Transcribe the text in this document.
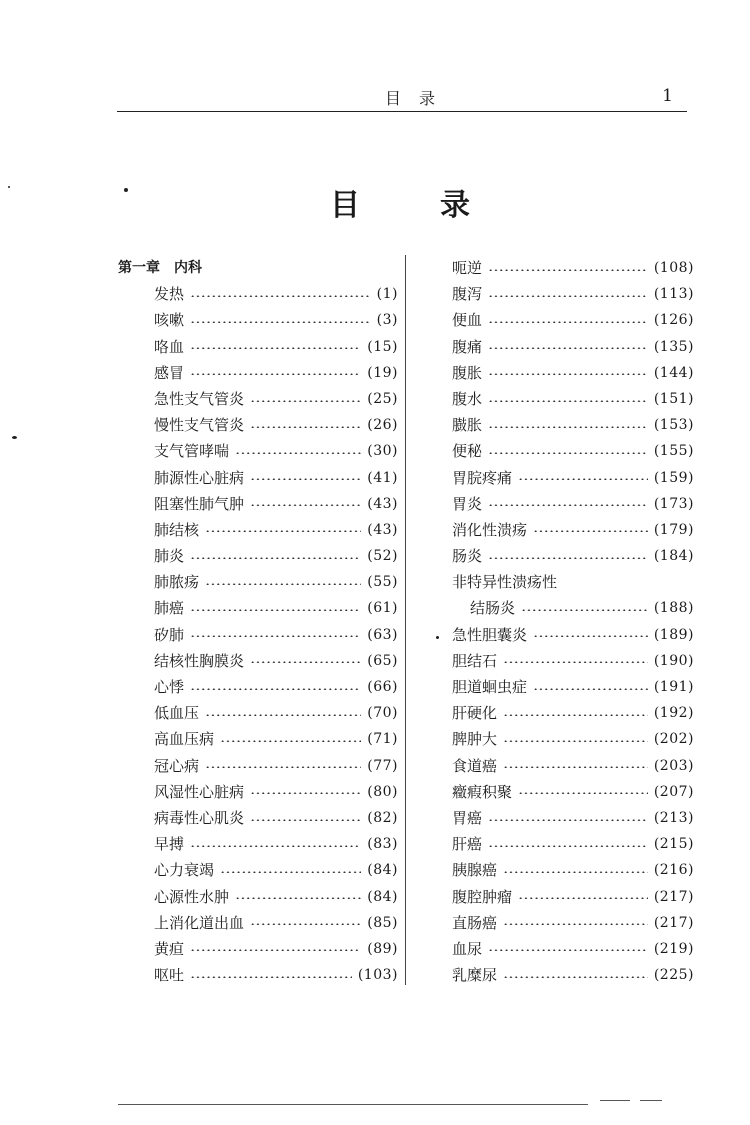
目录	1
目录
第一章　内科
发热	(1)
咳嗽	(3)
咯血	(15)
感冒	(19)
急性支气管炎	(25)
慢性支气管炎	(26)
支气管哮喘	(30)
肺源性心脏病	(41)
阻塞性肺气肿	(43)
肺结核	(43)
肺炎	(52)
肺脓疡	(55)
肺癌	(61)
矽肺	(63)
结核性胸膜炎	(65)
心悸	(66)
低血压	(70)
高血压病	(71)
冠心病	(77)
风湿性心脏病	(80)
病毒性心肌炎	(82)
早搏	(83)
心力衰竭	(84)
心源性水肿	(84)
上消化道出血	(85)
黄疸	(89)
呕吐	(103)
呃逆	(108)
腹泻	(113)
便血	(126)
腹痛	(135)
腹胀	(144)
腹水	(151)
臌胀	(153)
便秘	(155)
胃脘疼痛	(159)
胃炎	(173)
消化性溃疡	(179)
肠炎	(184)
非特异性溃疡性
结肠炎	(188)
急性胆囊炎	(189)
胆结石	(190)
胆道蛔虫症	(191)
肝硬化	(192)
脾肿大	(202)
食道癌	(203)
癥瘕积聚	(207)
胃癌	(213)
肝癌	(215)
胰腺癌	(216)
腹腔肿瘤	(217)
直肠癌	(217)
血尿	(219)
乳糜尿	(225)
